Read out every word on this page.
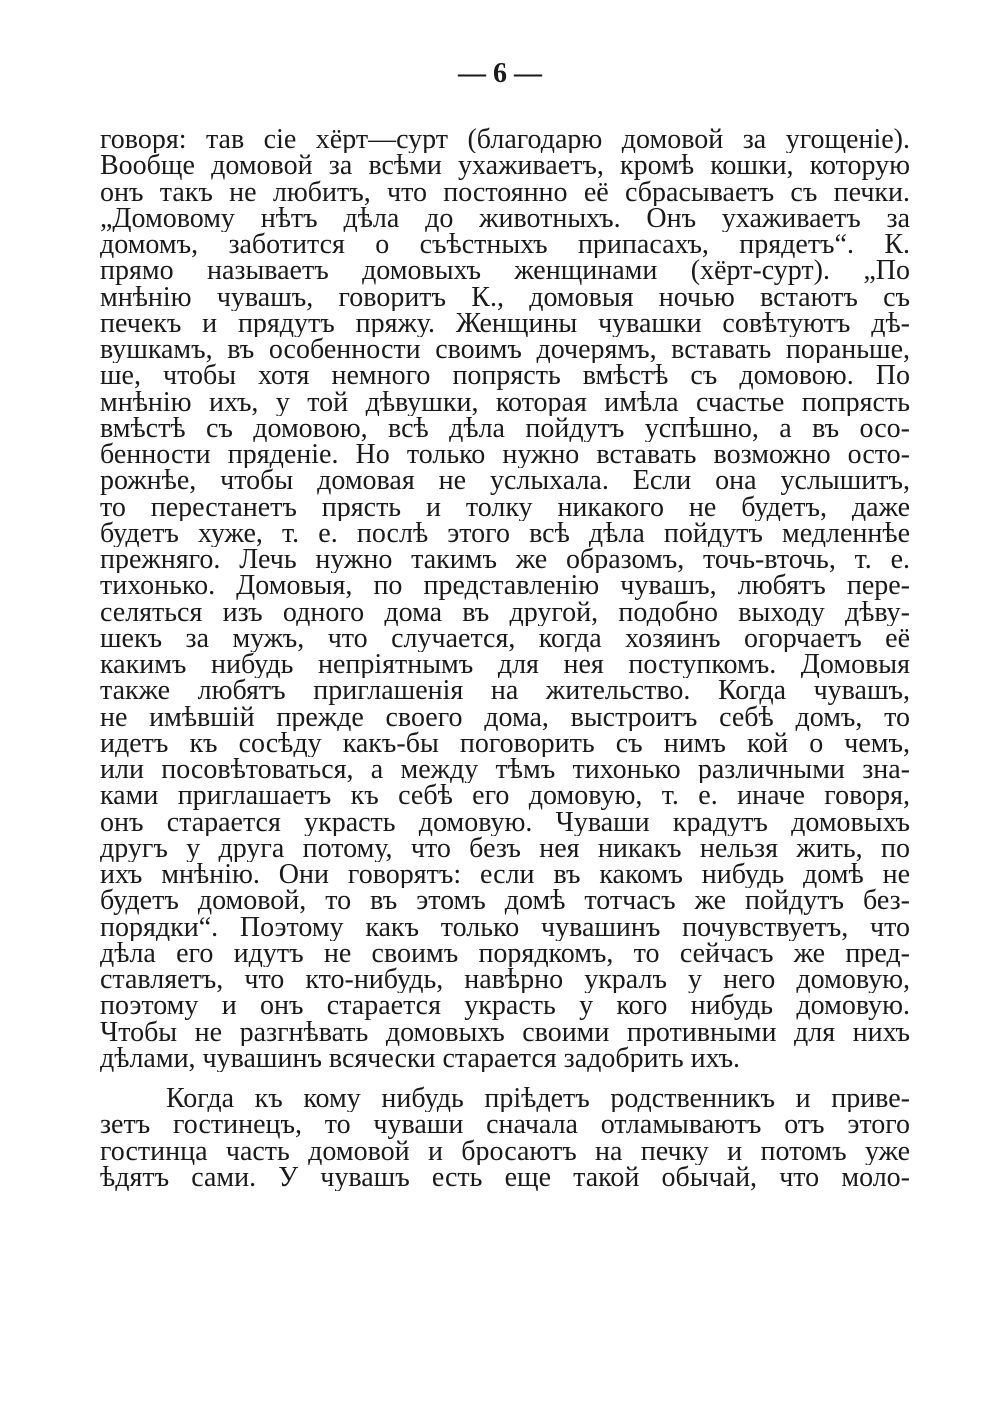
— 6 —
говоря: тав сіе хёрт—сурт (благодарю домовой за угощеніе).
Вообще домовой за всѣми ухаживаетъ, кромѣ кошки, которую
онъ такъ не любитъ, что постоянно её сбрасываетъ съ печки.
„Домовому нѣтъ дѣла до животныхъ. Онъ ухаживаетъ за
домомъ, заботится о съѣстныхъ припасахъ, прядетъ“. К.
прямо называетъ домовыхъ женщинами (хёрт-сурт). „По
мнѣнію чувашъ, говоритъ К., домовыя ночью встаютъ съ
печекъ и прядутъ пряжу. Женщины чувашки совѣтуютъ дѣ-
вушкамъ, въ особенности своимъ дочерямъ, вставать пораньше,
ше, чтобы хотя немного попрясть вмѣстѣ съ домовою. По
мнѣнію ихъ, у той дѣвушки, которая имѣла счастье попрясть
вмѣстѣ съ домовою, всѣ дѣла пойдутъ успѣшно, а въ осо-
бенности пряденіе. Но только нужно вставать возможно осто-
рожнѣе, чтобы домовая не услыхала. Если она услышитъ,
то перестанетъ прясть и толку никакого не будетъ, даже
будетъ хуже, т. е. послѣ этого всѣ дѣла пойдутъ медленнѣе
прежняго. Лечь нужно такимъ же образомъ, точь-вточь, т. е.
тихонько. Домовыя, по представленію чувашъ, любятъ пере-
селяться изъ одного дома въ другой, подобно выходу дѣву-
шекъ за мужъ, что случается, когда хозяинъ огорчаетъ её
какимъ нибудь непріятнымъ для нея поступкомъ. Домовыя
также любятъ приглашенія на жительство. Когда чувашъ,
не имѣвшій прежде своего дома, выстроитъ себѣ домъ, то
идетъ къ сосѣду какъ-бы поговорить съ нимъ кой о чемъ,
или посовѣтоваться, а между тѣмъ тихонько различными зна-
ками приглашаетъ къ себѣ его домовую, т. е. иначе говоря,
онъ старается украсть домовую. Чуваши крадутъ домовыхъ
другъ у друга потому, что безъ нея никакъ нельзя жить, по
ихъ мнѣнію. Они говорятъ: если въ какомъ нибудь домѣ не
будетъ домовой, то въ этомъ домѣ тотчасъ же пойдутъ без-
порядки“. Поэтому какъ только чувашинъ почувствуетъ, что
дѣла его идутъ не своимъ порядкомъ, то сейчасъ же пред-
ставляетъ, что кто-нибудь, навѣрно укралъ у него домовую,
поэтому и онъ старается украсть у кого нибудь домовую.
Чтобы не разгнѣвать домовыхъ своими противными для нихъ
дѣлами, чувашинъ всячески старается задобрить ихъ.
Когда къ кому нибудь пріѣдетъ родственникъ и приве-
зетъ гостинецъ, то чуваши сначала отламываютъ отъ этого
гостинца часть домовой и бросаютъ на печку и потомъ уже
ѣдятъ сами. У чувашъ есть еще такой обычай, что моло-
